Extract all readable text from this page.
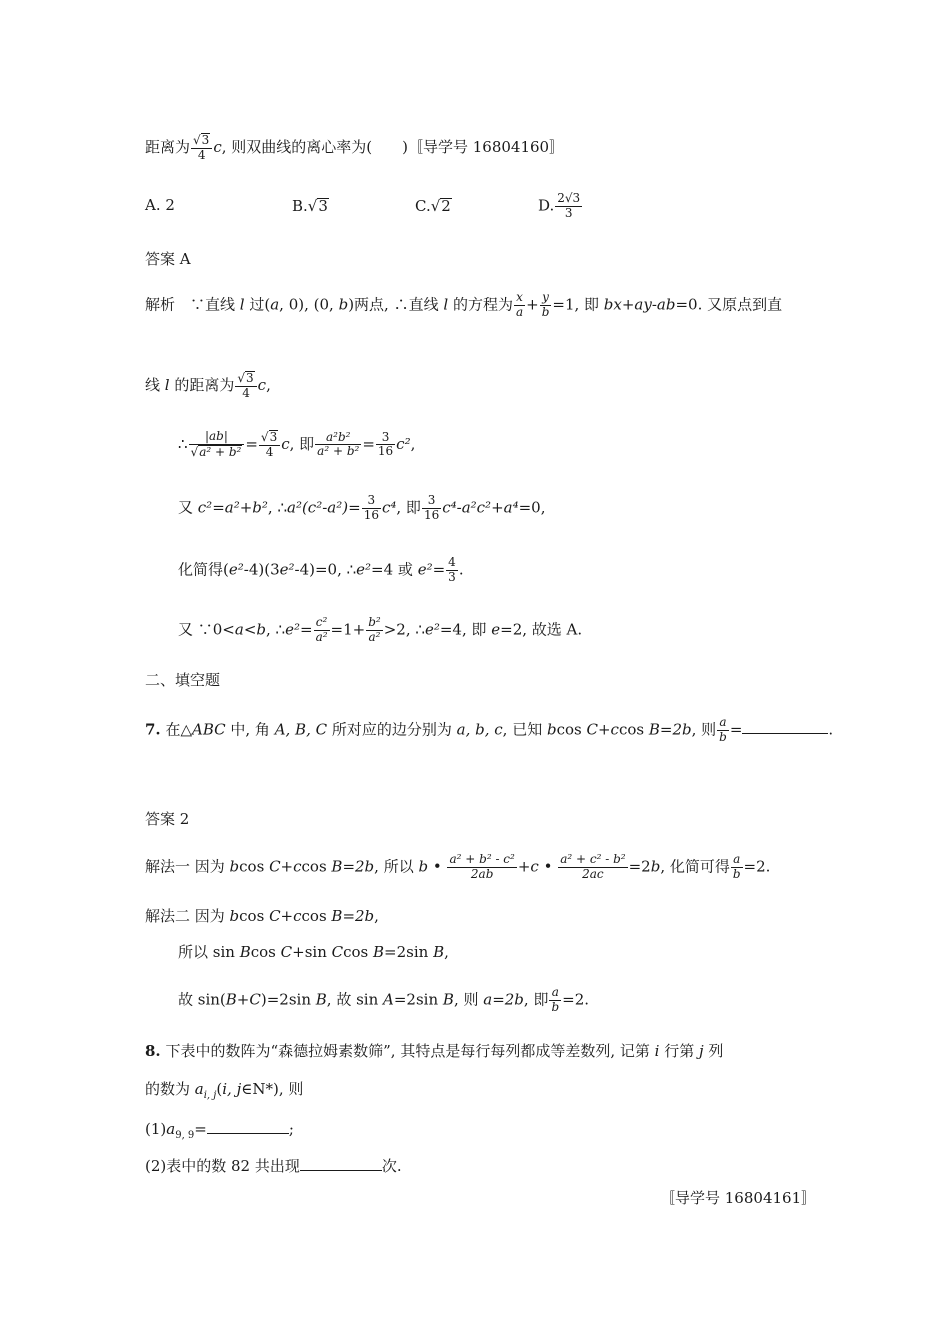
距离为 √ $\frac{3}{4} c$, 则双曲线的离心率为(　　)〚导学号 16804160〛
A. 2	B. √ 3	C. √ 2	D. $\frac{2√3}{3}$
答案 A
解析　∵直线 l 过(a, 0), (0, b)两点, ∴直线 l 的方程为 $\frac{x}{a} + \frac{y}{b} =1$, 即 bx+ay-ab=0. 又原点到直
线 l 的距离为 √ $\frac{3}{4} c$,
∴ |ab|
√ a² + b² = √ $\frac{3}{4} c$, 即 $\frac{\text{a²b²}}{\text{a² + b²}} = \frac{3}{16} c^2$,
又 c²=a²+b², ∴a²(c²-a²)= $\frac{3}{16} c^4$, 即 $\frac{3}{16} c^4-a^2c^2+a^4=0$,
化简得(e²-4)(3e²-4)=0, ∴e²=4 或 $e^2= \frac{4}{3}$ .
又 ∵0<a<b, ∴e²= $\frac{\text{c²}}{\text{a²}} =1+ \frac{\text{b²}}{\text{a²}} >2$, ∴e²=4, 即 e=2, 故选 A.
二、填空题
7. 在△ABC 中, 角 A, B, C 所对应的边分别为 a, b, c, 已知 bcos C+ccos B=2b, 则 $\frac{a}{b}$ =	.
答案 2
解法一 因为 bcos C+ccos B=2b, 所以 b • $\frac{\text{a² + b² - c²}}{2ab} +c$ • $\frac{\text{a² + c² - b²}}{2ac} =2b$, 化简可得 $\frac{a}{b} =2$.
解法二 因为 bcos C+ccos B=2b,
所以 sin Bcos C+sin Ccos B=2sin B,
故 sin(B+C)=2sin B, 故 sin A=2sin B, 则 a=2b, 即 $\frac{a}{b} =2$.
8. 下表中的数阵为“森德拉姆素数筛”, 其特点是每行每列都成等差数列, 记第 i 行第 j 列
的数为 $a_{i, j}(i$, j∈N*), 则
$(1)a_{9, 9}=$	;
(2)表中的数 82 共出现	次.
〚导学号 16804161〛
